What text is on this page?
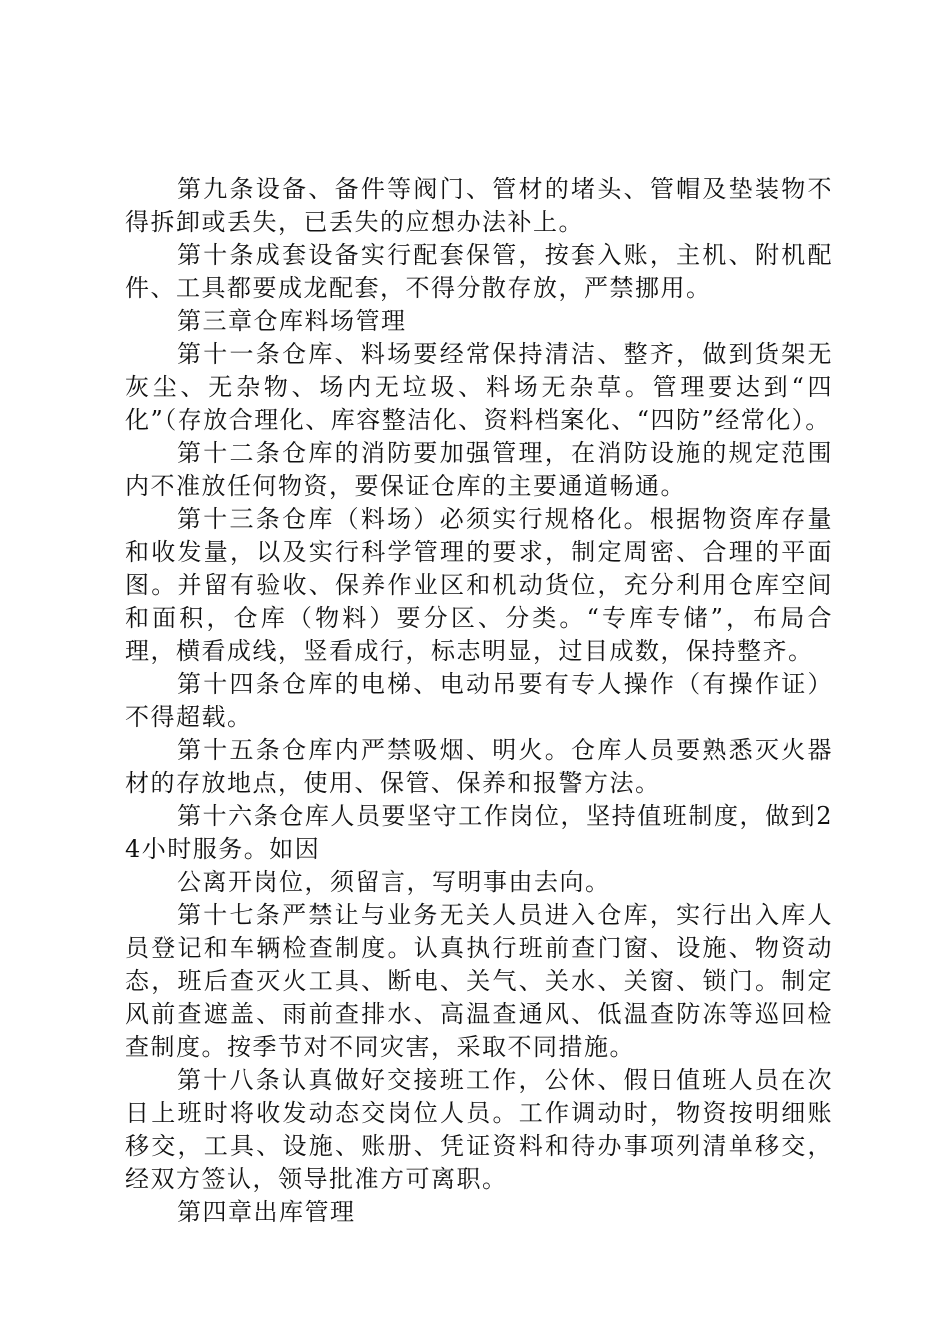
第九条设备、备件等阀门、管材的堵头、管帽及垫装物不得拆卸或丢失，已丢失的应想办法补上。

第十条成套设备实行配套保管，按套入账，主机、附机配件、工具都要成龙配套，不得分散存放，严禁挪用。

第三章仓库料场管理

第十一条仓库、料场要经常保持清洁、整齐，做到货架无灰尘、无杂物、场内无垃圾、料场无杂草。管理要达到“四化”（存放合理化、库容整洁化、资料档案化、“四防”经常化）。

第十二条仓库的消防要加强管理，在消防设施的规定范围内不准放任何物资，要保证仓库的主要通道畅通。

第十三条仓库（料场）必须实行规格化。根据物资库存量和收发量，以及实行科学管理的要求，制定周密、合理的平面图。并留有验收、保养作业区和机动货位，充分利用仓库空间和面积，仓库（物料）要分区、分类。“专库专储”，布局合理，横看成线，竖看成行，标志明显，过目成数，保持整齐。

第十四条仓库的电梯、电动吊要有专人操作（有操作证）不得超载。

第十五条仓库内严禁吸烟、明火。仓库人员要熟悉灭火器材的存放地点，使用、保管、保养和报警方法。

第十六条仓库人员要坚守工作岗位，坚持值班制度，做到24小时服务。如因

公离开岗位，须留言，写明事由去向。

第十七条严禁让与业务无关人员进入仓库，实行出入库人员登记和车辆检查制度。认真执行班前查门窗、设施、物资动态，班后查灭火工具、断电、关气、关水、关窗、锁门。制定风前查遮盖、雨前查排水、高温查通风、低温查防冻等巡回检查制度。按季节对不同灾害，采取不同措施。

第十八条认真做好交接班工作，公休、假日值班人员在次日上班时将收发动态交岗位人员。工作调动时，物资按明细账移交，工具、设施、账册、凭证资料和待办事项列清单移交，经双方签认，领导批准方可离职。

第四章出库管理
